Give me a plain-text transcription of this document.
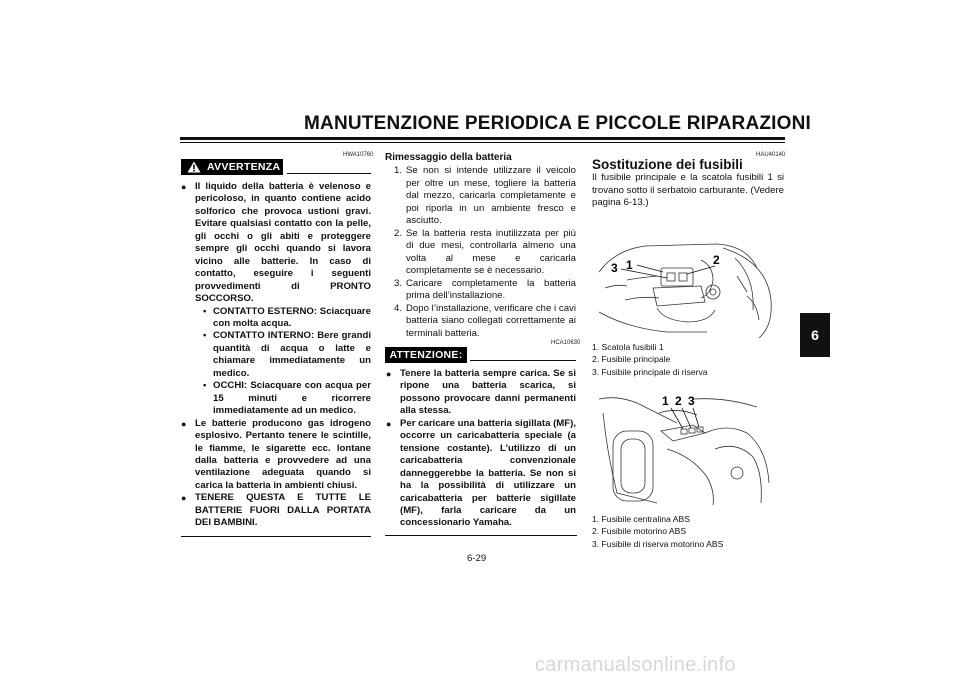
MANUTENZIONE PERIODICA E PICCOLE RIPARAZIONI
6
HWA10760
AVVERTENZA
● Il liquido della batteria è velenoso e pericoloso, in quanto contiene acido solforico che provoca ustioni gravi. Evitare qualsiasi contatto con la pelle, gli occhi o gli abiti e proteggere sempre gli occhi quando si lavora vicino alle batterie. In caso di contatto, eseguire i seguenti provvedimenti di PRONTO SOCCORSO.
• CONTATTO ESTERNO: Sciacquare con molta acqua.
• CONTATTO INTERNO: Bere grandi quantità di acqua o latte e chiamare immediatamente un medico.
• OCCHI: Sciacquare con acqua per 15 minuti e ricorrere immediatamente ad un medico.
● Le batterie producono gas idrogeno esplosivo. Pertanto tenere le scintille, le fiamme, le sigarette ecc. lontane dalla batteria e provvedere ad una ventilazione adeguata quando si carica la batteria in ambienti chiusi.
● TENERE QUESTA E TUTTE LE BATTERIE FUORI DALLA PORTATA DEI BAMBINI.
Rimessaggio della batteria
1. Se non si intende utilizzare il veicolo per oltre un mese, togliere la batteria dal mezzo, caricarla completamente e poi riporla in un ambiente fresco e asciutto.
2. Se la batteria resta inutilizzata per più di due mesi, controllarla almeno una volta al mese e caricarla completamente se è necessario.
3. Caricare completamente la batteria prima dell’installazione.
4. Dopo l’installazione, verificare che i cavi batteria siano collegati correttamente ai terminali batteria.
HCA10630
ATTENZIONE:
● Tenere la batteria sempre carica. Se si ripone una batteria scarica, si possono provocare danni permanenti alla stessa.
● Per caricare una batteria sigillata (MF), occorre un caricabatteria speciale (a tensione costante). L’utilizzo di un caricabatteria convenzionale danneggerebbe la batteria. Se non si ha la possibilità di utilizzare un caricabatteria per batterie sigillate (MF), farla caricare da un concessionario Yamaha.
HAU40140
Sostituzione dei fusibili
Il fusibile principale e la scatola fusibili 1 si trovano sotto il serbatoio carburante. (Vedere pagina 6-13.)
1	2
3
1. Scatola fusibili 1
2. Fusibile principale
3. Fusibile principale di riserva
1 2 3
1. Fusibile centralina ABS
2. Fusibile motorino ABS
3. Fusibile di riserva motorino ABS
6-29
carmanualsonline.info
